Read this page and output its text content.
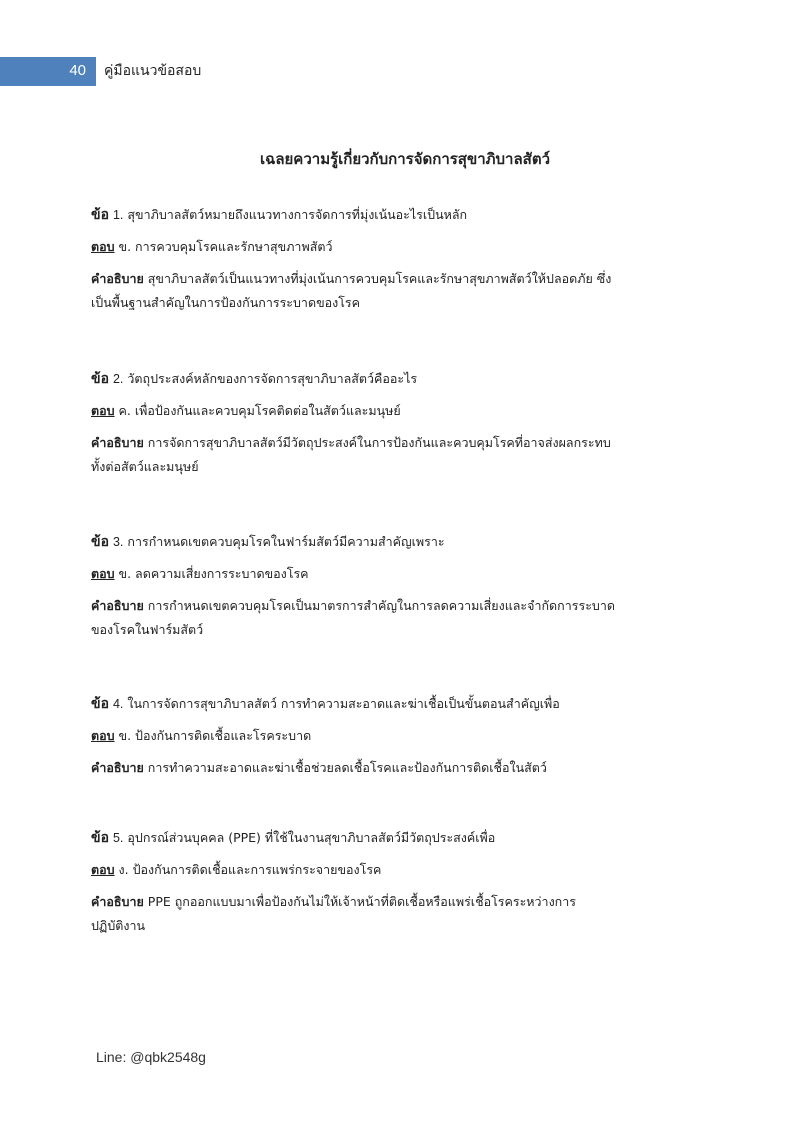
40 คู่มือแนวข้อสอบ
เฉลยความรู้เกี่ยวกับการจัดการสุขาภิบาลสัตว์

ข้อ 1. สุขาภิบาลสัตว์หมายถึงแนวทางการจัดการที่มุ่งเน้นอะไรเป็นหลัก

ตอบ ข. การควบคุมโรคและรักษาสุขภาพสัตว์

คำอธิบาย สุขาภิบาลสัตว์เป็นแนวทางที่มุ่งเน้นการควบคุมโรคและรักษาสุขภาพสัตว์ให้ปลอดภัย ซึ่ง

เป็นพื้นฐานสำคัญในการป้องกันการระบาดของโรค

ข้อ 2. วัตถุประสงค์หลักของการจัดการสุขาภิบาลสัตว์คืออะไร

ตอบ ค. เพื่อป้องกันและควบคุมโรคติดต่อในสัตว์และมนุษย์

คำอธิบาย การจัดการสุขาภิบาลสัตว์มีวัตถุประสงค์ในการป้องกันและควบคุมโรคที่อาจส่งผลกระทบ

ทั้งต่อสัตว์และมนุษย์

ข้อ 3. การกำหนดเขตควบคุมโรคในฟาร์มสัตว์มีความสำคัญเพราะ

ตอบ ข. ลดความเสี่ยงการระบาดของโรค

คำอธิบาย การกำหนดเขตควบคุมโรคเป็นมาตรการสำคัญในการลดความเสี่ยงและจำกัดการระบาด

ของโรคในฟาร์มสัตว์

ข้อ 4. ในการจัดการสุขาภิบาลสัตว์ การทำความสะอาดและฆ่าเชื้อเป็นขั้นตอนสำคัญเพื่อ

ตอบ ข. ป้องกันการติดเชื้อและโรคระบาด

คำอธิบาย การทำความสะอาดและฆ่าเชื้อช่วยลดเชื้อโรคและป้องกันการติดเชื้อในสัตว์

ข้อ 5. อุปกรณ์ส่วนบุคคล (PPE) ที่ใช้ในงานสุขาภิบาลสัตว์มีวัตถุประสงค์เพื่อ

ตอบ ง. ป้องกันการติดเชื้อและการแพร่กระจายของโรค

คำอธิบาย PPE ถูกออกแบบมาเพื่อป้องกันไม่ให้เจ้าหน้าที่ติดเชื้อหรือแพร่เชื้อโรคระหว่างการ

ปฏิบัติงาน

Line: @qbk2548g
